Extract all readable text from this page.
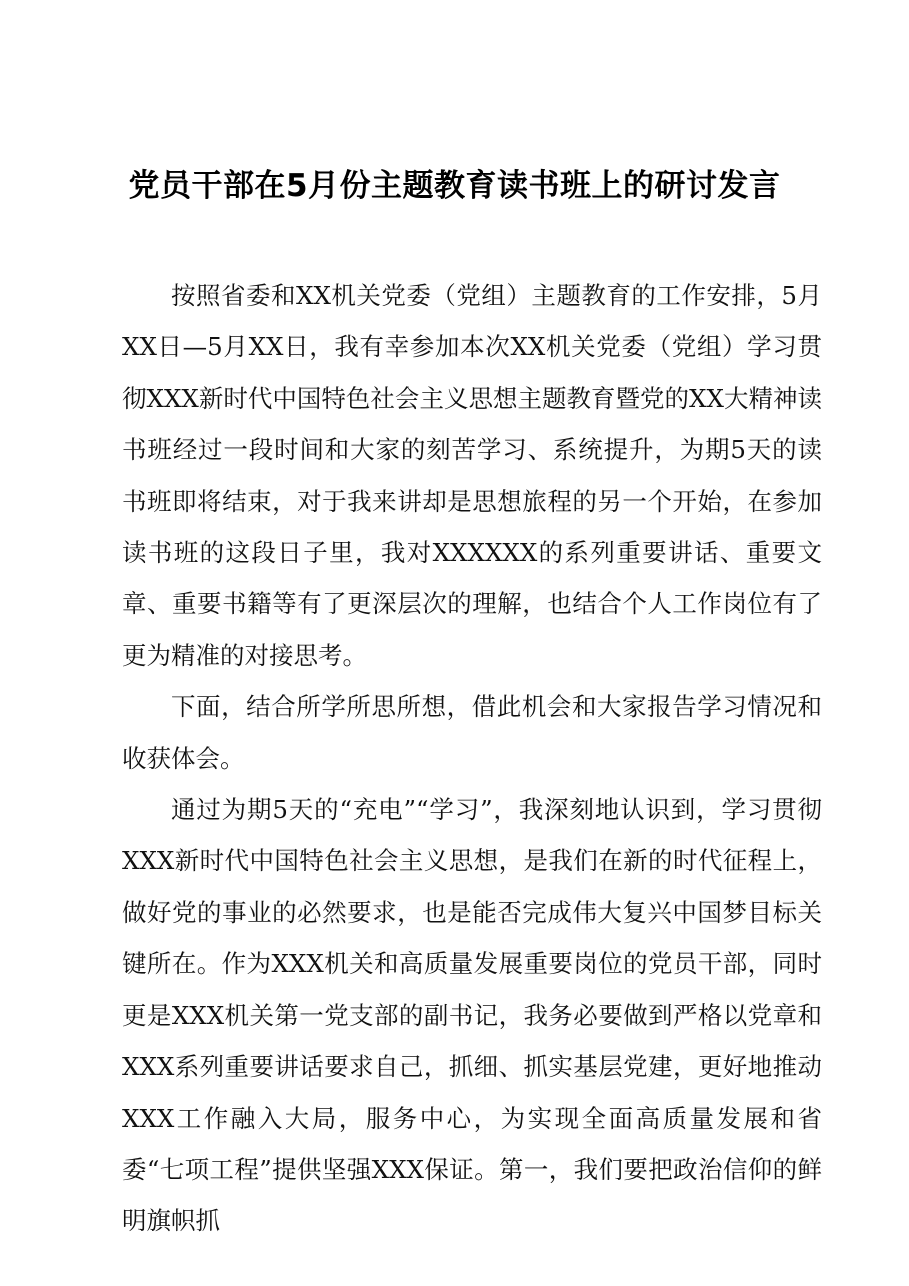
党员干部在5月份主题教育读书班上的研讨发言

按照省委和XX机关党委（党组）主题教育的工作安排，5月XX日—5月XX日，我有幸参加本次XX机关党委（党组）学习贯彻XXX新时代中国特色社会主义思想主题教育暨党的XX大精神读书班经过一段时间和大家的刻苦学习、系统提升，为期5天的读书班即将结束，对于我来讲却是思想旅程的另一个开始，在参加读书班的这段日子里，我对XXXXXX的系列重要讲话、重要文章、重要书籍等有了更深层次的理解，也结合个人工作岗位有了更为精准的对接思考。

下面，结合所学所思所想，借此机会和大家报告学习情况和收获体会。

通过为期5天的“充电”“学习”，我深刻地认识到，学习贯彻XXX新时代中国特色社会主义思想，是我们在新的时代征程上，做好党的事业的必然要求，也是能否完成伟大复兴中国梦目标关键所在。作为XXX机关和高质量发展重要岗位的党员干部，同时更是XXX机关第一党支部的副书记，我务必要做到严格以党章和XXX系列重要讲话要求自己，抓细、抓实基层党建，更好地推动XXX工作融入大局，服务中心，为实现全面高质量发展和省委“七项工程”提供坚强XXX保证。第一，我们要把政治信仰的鲜明旗帜抓
